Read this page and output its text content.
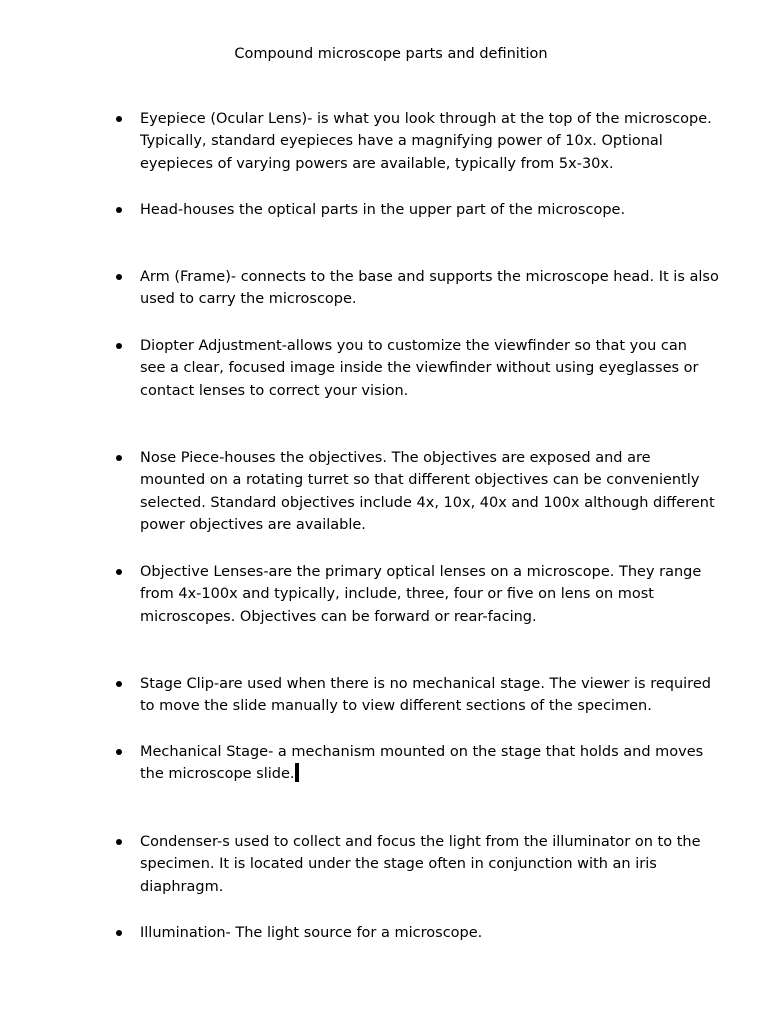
Compound microscope parts and definition
Eyepiece (Ocular Lens)- is what you look through at the top of the microscope.
Typically, standard eyepieces have a magnifying power of 10x. Optional
eyepieces of varying powers are available, typically from 5x-30x.
Head-houses the optical parts in the upper part of the microscope.
Arm (Frame)- connects to the base and supports the microscope head. It is also
used to carry the microscope.
Diopter Adjustment-allows you to customize the viewfinder so that you can
see a clear, focused image inside the viewfinder without using eyeglasses or
contact lenses to correct your vision.
Nose Piece-houses the objectives. The objectives are exposed and are
mounted on a rotating turret so that different objectives can be conveniently
selected. Standard objectives include 4x, 10x, 40x and 100x although different
power objectives are available.
Objective Lenses-are the primary optical lenses on a microscope. They range
from 4x-100x and typically, include, three, four or five on lens on most
microscopes. Objectives can be forward or rear-facing.
Stage Clip-are used when there is no mechanical stage. The viewer is required
to move the slide manually to view different sections of the specimen.
Mechanical Stage- a mechanism mounted on the stage that holds and moves
the microscope slide.
Condenser-s used to collect and focus the light from the illuminator on to the
specimen. It is located under the stage often in conjunction with an iris
diaphragm.
Illumination- The light source for a microscope.
